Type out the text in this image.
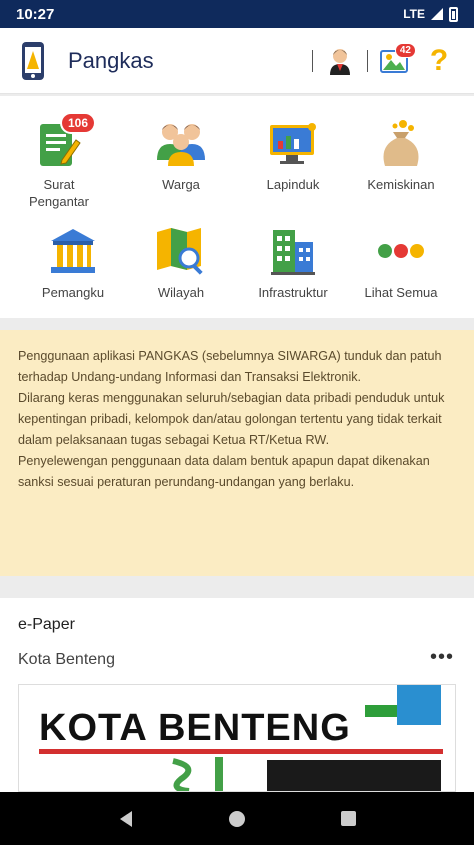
10:27	LTE
Pangkas	42 ?
106
Surat
Pengantar
Warga	Lapinduk	Kemiskinan
Pemangku	Wilayah	Infrastruktur	Lihat Semua
Penggunaan aplikasi PANGKAS (sebelumnya SIWARGA) tunduk dan patuh terhadap Undang-undang Informasi dan Transaksi Elektronik.
Dilarang keras menggunakan seluruh/sebagian data pribadi penduduk untuk kepentingan pribadi, kelompok dan/atau golongan tertentu yang tidak terkait dalam pelaksanaan tugas sebagai Ketua RT/Ketua RW.
Penyelewengan penggunaan data dalam bentuk apapun dapat dikenakan sanksi sesuai peraturan perundang-undangan yang berlaku.
e-Paper
Kota Benteng	•••
KOTA BENTENG
